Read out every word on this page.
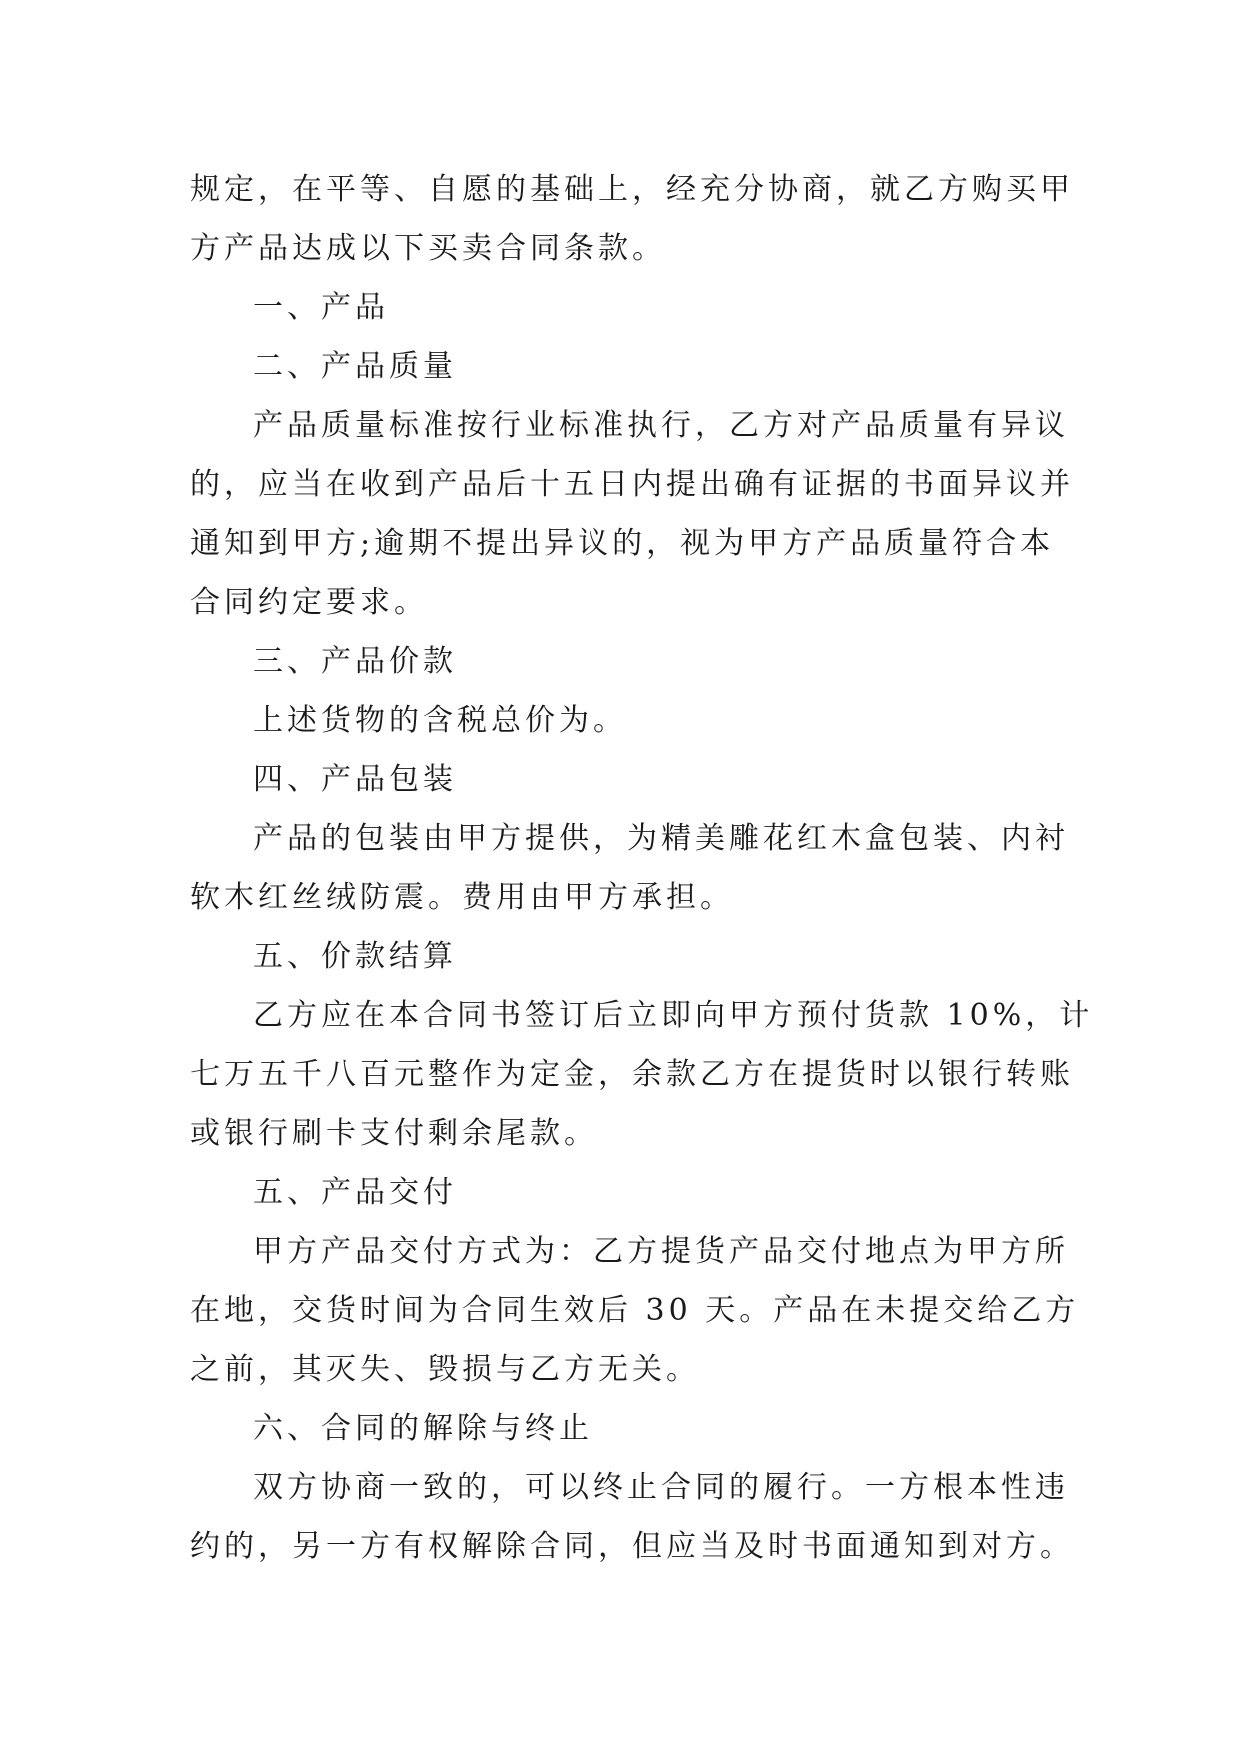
规定，在平等、自愿的基础上，经充分协商，就乙方购买甲
方产品达成以下买卖合同条款。
一、产品
二、产品质量
产品质量标准按行业标准执行，乙方对产品质量有异议
的，应当在收到产品后十五日内提出确有证据的书面异议并
通知到甲方;逾期不提出异议的，视为甲方产品质量符合本
合同约定要求。
三、产品价款
上述货物的含税总价为。
四、产品包装
产品的包装由甲方提供，为精美雕花红木盒包装、内衬
软木红丝绒防震。费用由甲方承担。
五、价款结算
乙方应在本合同书签订后立即向甲方预付货款 10%，计
七万五千八百元整作为定金，余款乙方在提货时以银行转账
或银行刷卡支付剩余尾款。
五、产品交付
甲方产品交付方式为：乙方提货产品交付地点为甲方所
在地，交货时间为合同生效后 30 天。产品在未提交给乙方
之前，其灭失、毁损与乙方无关。
六、合同的解除与终止
双方协商一致的，可以终止合同的履行。一方根本性违
约的，另一方有权解除合同，但应当及时书面通知到对方。
